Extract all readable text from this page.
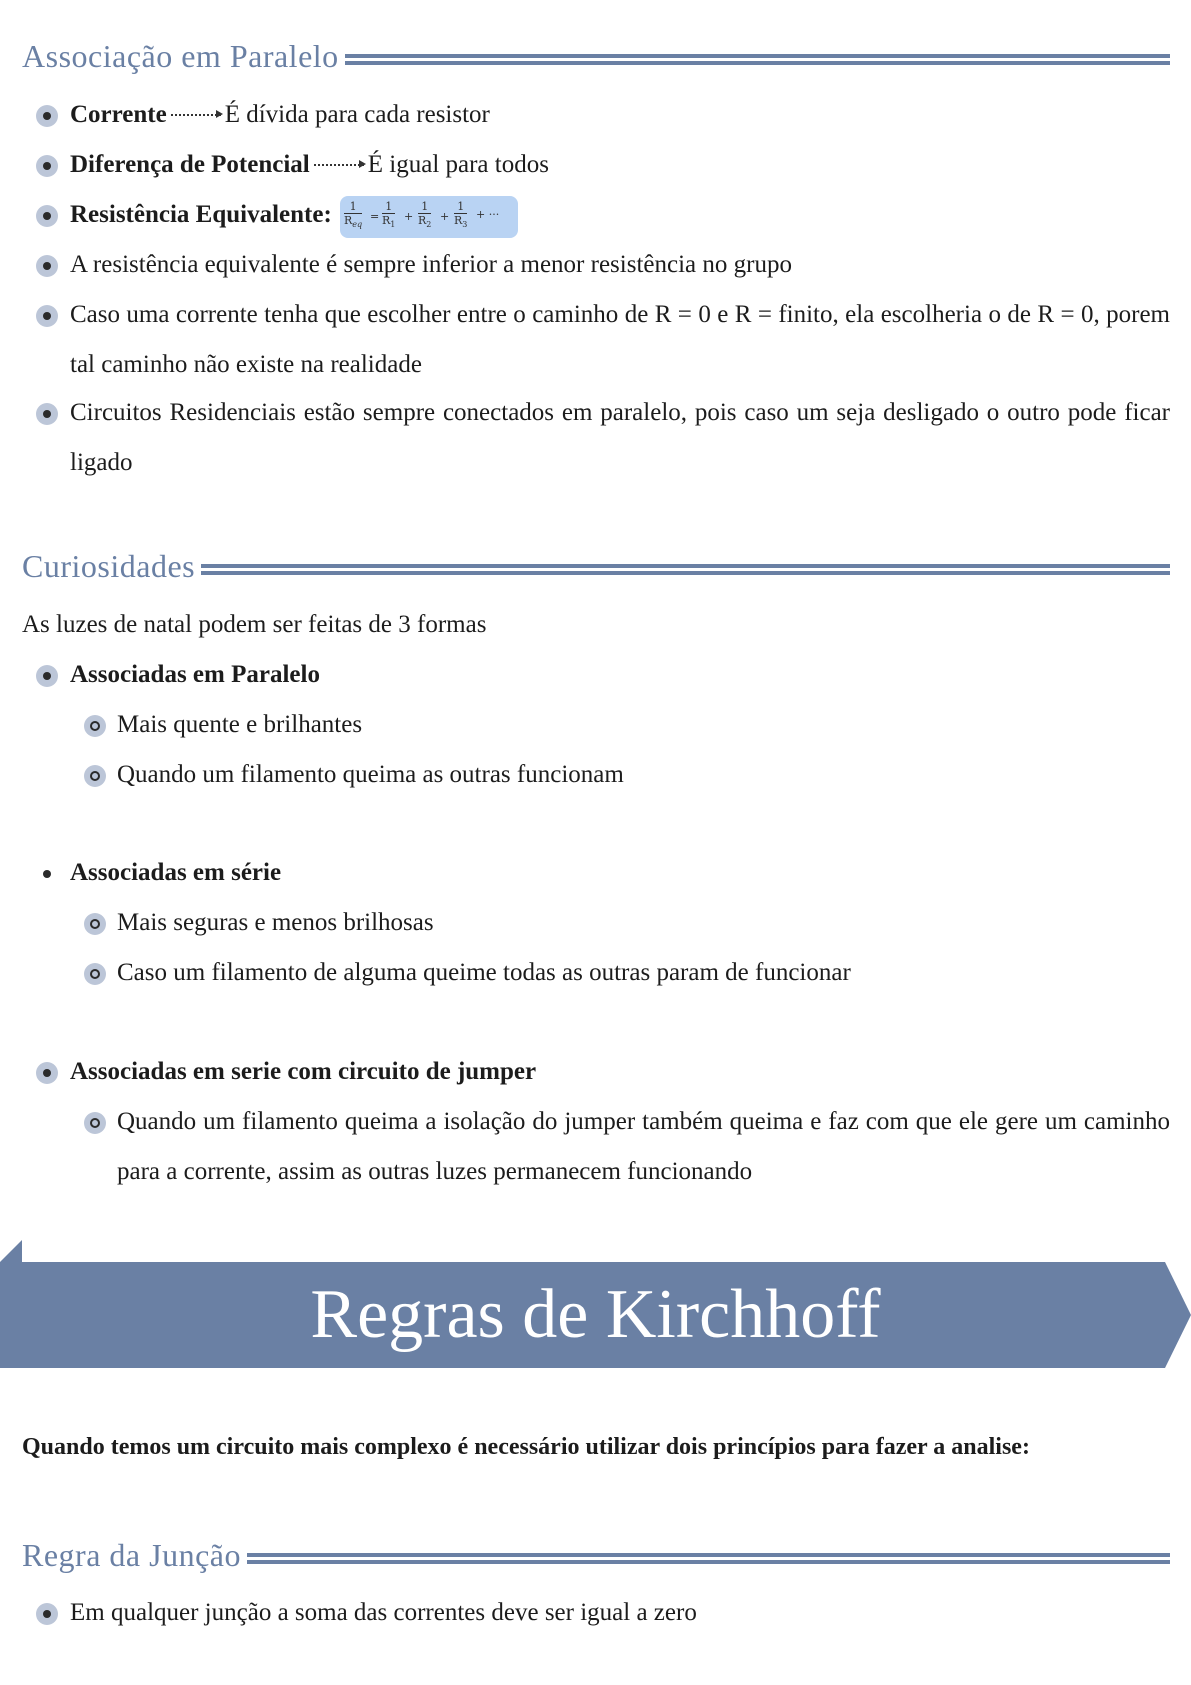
Associação em Paralelo
Corrente É dívida para cada resistor
Diferença de Potencial É igual para todos
Resistência Equivalente:	1
$R_{eq}$
= $\frac{1}{R_1} + \frac{1}{R_2} + \frac{1}{R_3}$ + ···
A resistência equivalente é sempre inferior a menor resistência no grupo
Caso uma corrente tenha que escolher entre o caminho de R = 0 e R = finito, ela escolheria o de R = 0, porem tal caminho não existe na realidade
Circuitos Residenciais estão sempre conectados em paralelo, pois caso um seja desligado o outro pode ficar ligado
Curiosidades
As luzes de natal podem ser feitas de 3 formas
Associadas em Paralelo
Mais quente e brilhantes
Quando um filamento queima as outras funcionam
Associadas em série
Mais seguras e menos brilhosas
Caso um filamento de alguma queime todas as outras param de funcionar
Associadas em serie com circuito de jumper
Quando um filamento queima a isolação do jumper também queima e faz com que ele gere um caminho para a corrente, assim as outras luzes permanecem funcionando
Regras de Kirchhoff
Quando temos um circuito mais complexo é necessário utilizar dois princípios para fazer a analise:
Regra da Junção
Em qualquer junção a soma das correntes deve ser igual a zero
